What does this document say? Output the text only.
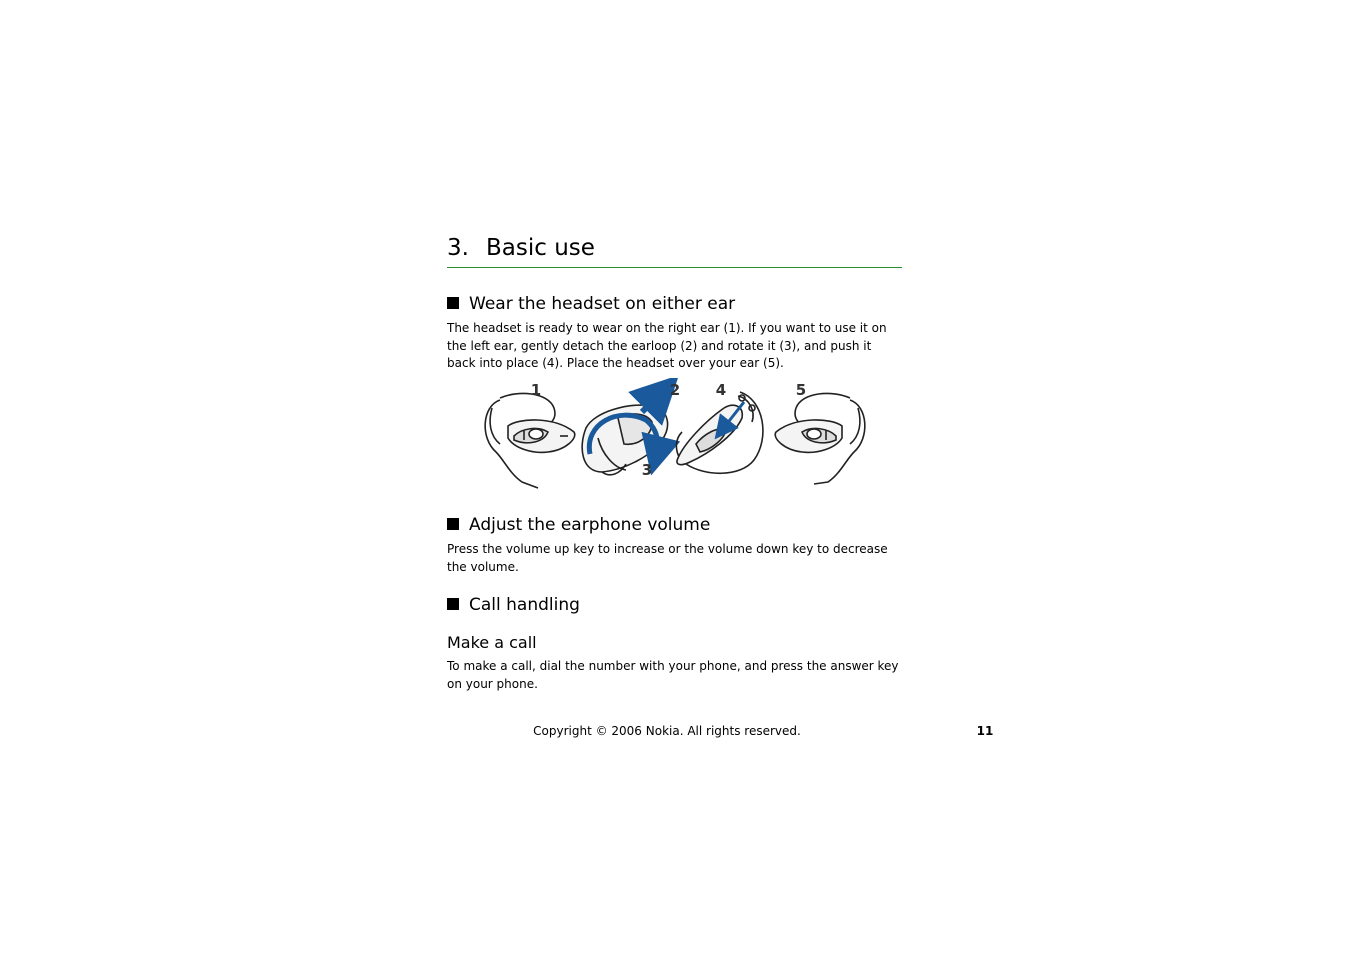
3. Basic use
Wear the headset on either ear

The headset is ready to wear on the right ear (1). If you want to use it on the left ear, gently detach the earloop (2) and rotate it (3), and push it back into place (4). Place the headset over your ear (5).

1	2
3
4	5
Adjust the earphone volume

Press the volume up key to increase or the volume down key to decrease the volume.

Call handling
Make a call

To make a call, dial the number with your phone, and press the answer key on your phone.

Copyright © 2006 Nokia. All rights reserved.	11
